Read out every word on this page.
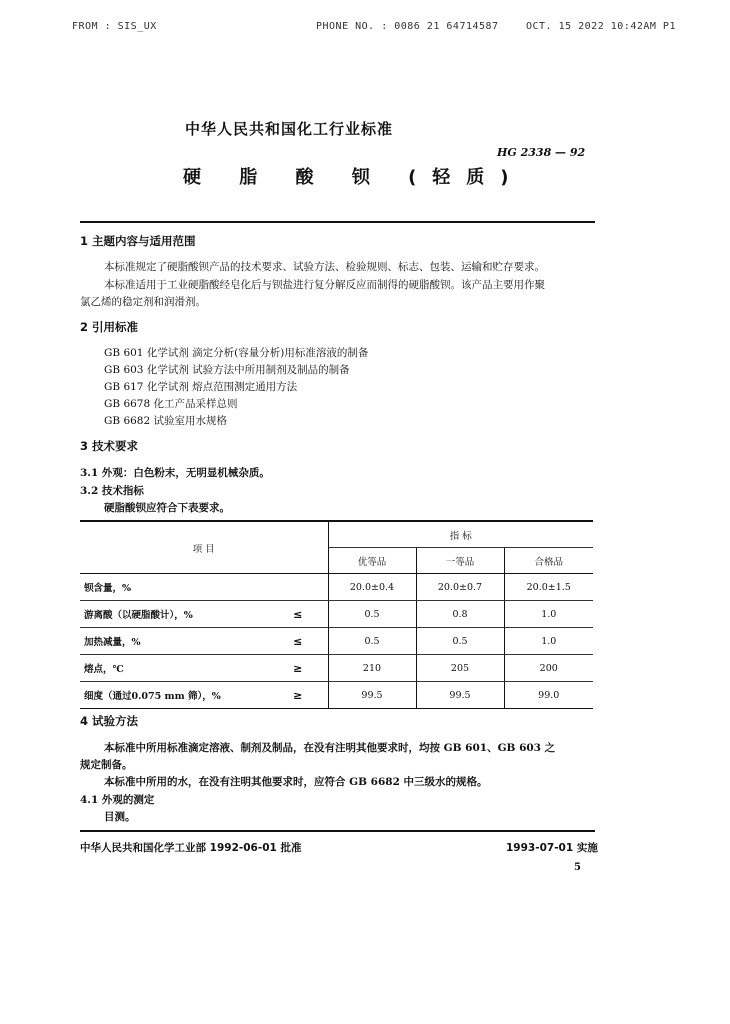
FROM : SIS_UX	PHONE NO. : 0086 21 64714587	OCT. 15 2022 10:42AM P1
中华人民共和国化工行业标准
HG 2338 — 92
硬 脂 酸 钡 (轻质)
1 主题内容与适用范围
本标准规定了硬脂酸钡产品的技术要求、试验方法、检验规则、标志、包装、运输和贮存要求。
本标准适用于工业硬脂酸经皂化后与钡盐进行复分解反应而制得的硬脂酸钡。该产品主要用作聚
氯乙烯的稳定剂和润滑剂。
2 引用标准
GB 601 化学试剂 滴定分析(容量分析)用标准溶液的制备
GB 603 化学试剂 试验方法中所用制剂及制品的制备
GB 617 化学试剂 熔点范围测定通用方法
GB 6678 化工产品采样总则
GB 6682 试验室用水规格
3 技术要求
3.1 外观：白色粉末，无明显机械杂质。
3.2 技术指标
硬脂酸钡应符合下表要求。
项 目		指 标		
		优等品	一等品	合格品
钡含量，%		20.0±0.4	20.0±0.7	20.0±1.5
游离酸（以硬脂酸计），%	≤	0.5	0.8	1.0
加热减量，%	≤	0.5	0.5	1.0
熔点，℃	≥	210	205	200
细度（通过0.075 mm 筛），%	≥	99.5	99.5	99.0
4 试验方法
本标准中所用标准滴定溶液、制剂及制品，在没有注明其他要求时，均按 GB 601、GB 603 之
规定制备。
本标准中所用的水，在没有注明其他要求时，应符合 GB 6682 中三级水的规格。
4.1 外观的测定
目测。
中华人民共和国化学工业部 1992-06-01 批准	1993-07-01 实施
5
